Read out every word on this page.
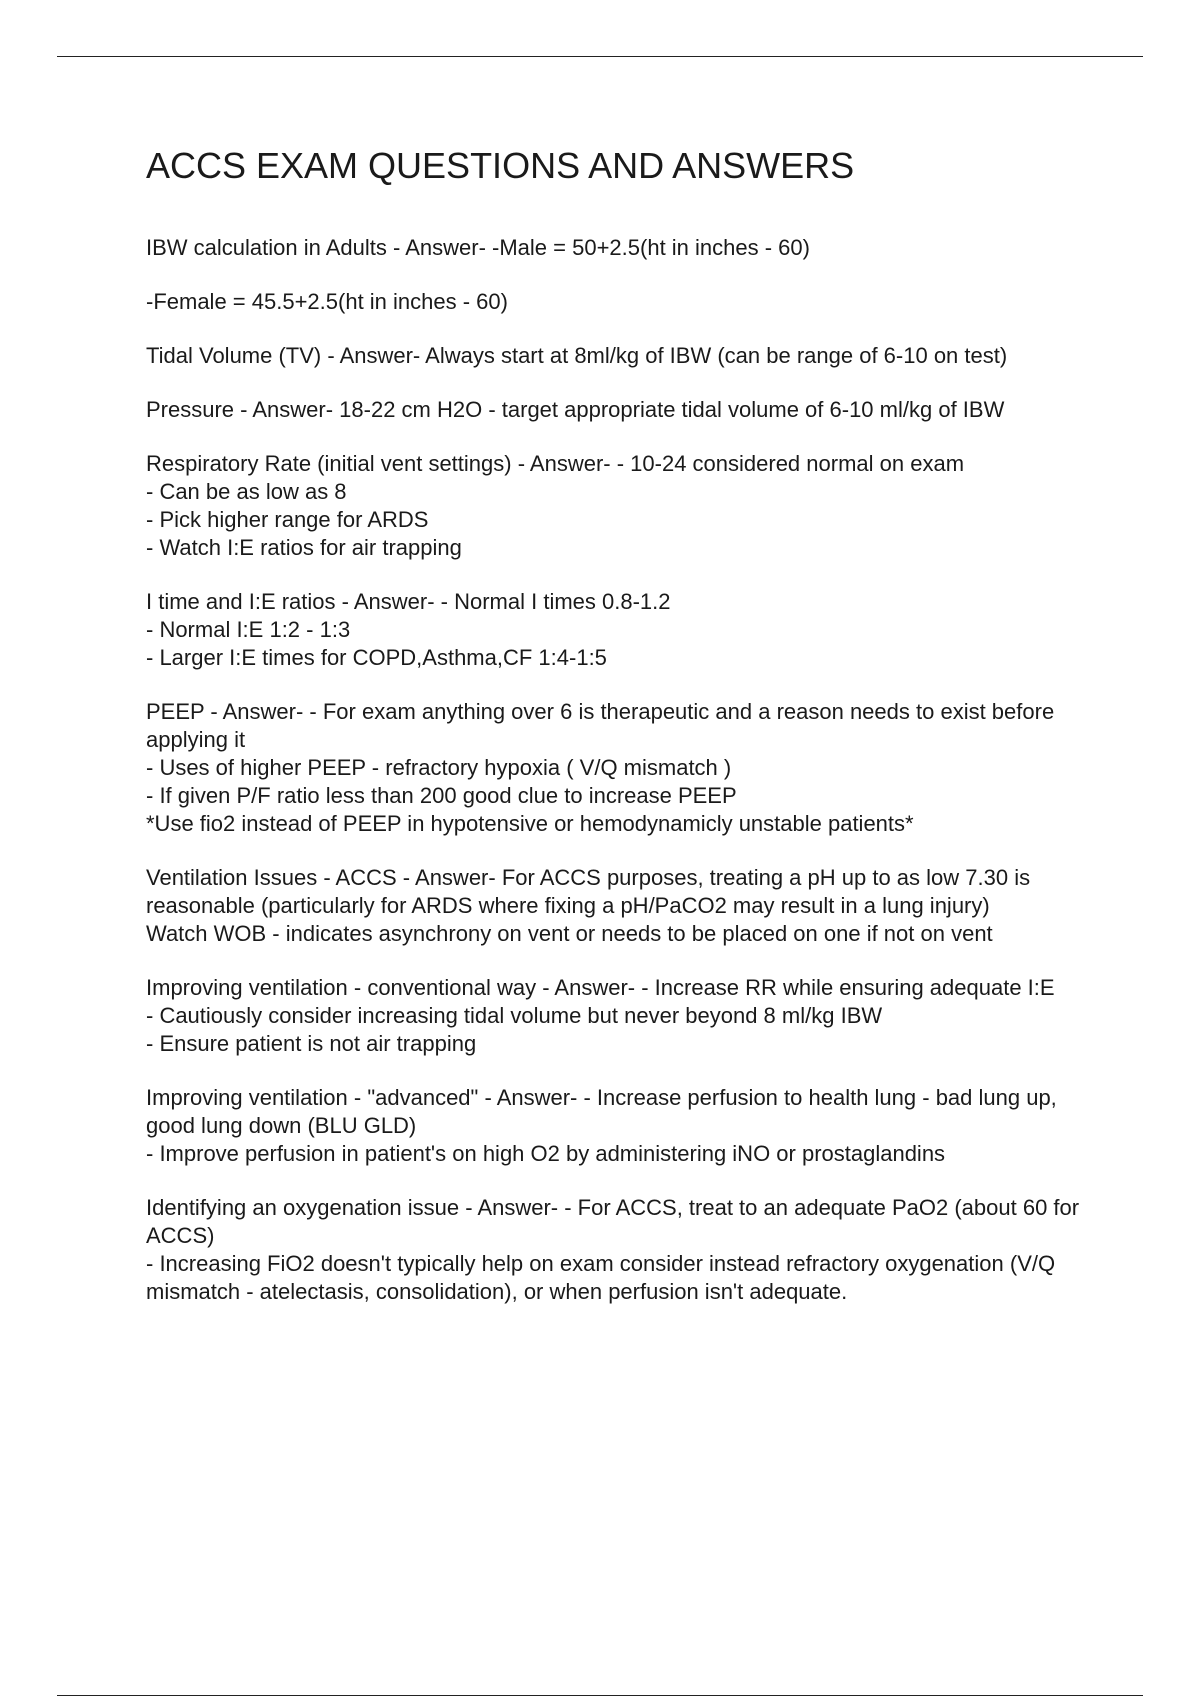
ACCS EXAM QUESTIONS AND ANSWERS
IBW calculation in Adults - Answer- -Male = 50+2.5(ht in inches - 60)
-Female = 45.5+2.5(ht in inches - 60)
Tidal Volume (TV) - Answer- Always start at 8ml/kg of IBW (can be range of 6-10 on test)
Pressure - Answer- 18-22 cm H2O - target appropriate tidal volume of 6-10 ml/kg of IBW
Respiratory Rate (initial vent settings) - Answer- - 10-24 considered normal on exam
- Can be as low as 8
- Pick higher range for ARDS
- Watch I:E ratios for air trapping
I time and I:E ratios - Answer- - Normal I times 0.8-1.2
- Normal I:E 1:2 - 1:3
- Larger I:E times for COPD,Asthma,CF 1:4-1:5
PEEP - Answer- - For exam anything over 6 is therapeutic and a reason needs to exist before applying it
- Uses of higher PEEP - refractory hypoxia ( V/Q mismatch )
- If given P/F ratio less than 200 good clue to increase PEEP
*Use fio2 instead of PEEP in hypotensive or hemodynamicly unstable patients*
Ventilation Issues - ACCS - Answer- For ACCS purposes, treating a pH up to as low 7.30 is reasonable (particularly for ARDS where fixing a pH/PaCO2 may result in a lung injury)
Watch WOB - indicates asynchrony on vent or needs to be placed on one if not on vent
Improving ventilation - conventional way - Answer- - Increase RR while ensuring adequate I:E
- Cautiously consider increasing tidal volume but never beyond 8 ml/kg IBW
- Ensure patient is not air trapping
Improving ventilation - "advanced" - Answer- - Increase perfusion to health lung - bad lung up, good lung down (BLU GLD)
- Improve perfusion in patient's on high O2 by administering iNO or prostaglandins
Identifying an oxygenation issue - Answer- - For ACCS, treat to an adequate PaO2 (about 60 for ACCS)
- Increasing FiO2 doesn't typically help on exam consider instead refractory oxygenation (V/Q mismatch - atelectasis, consolidation), or when perfusion isn't adequate.
